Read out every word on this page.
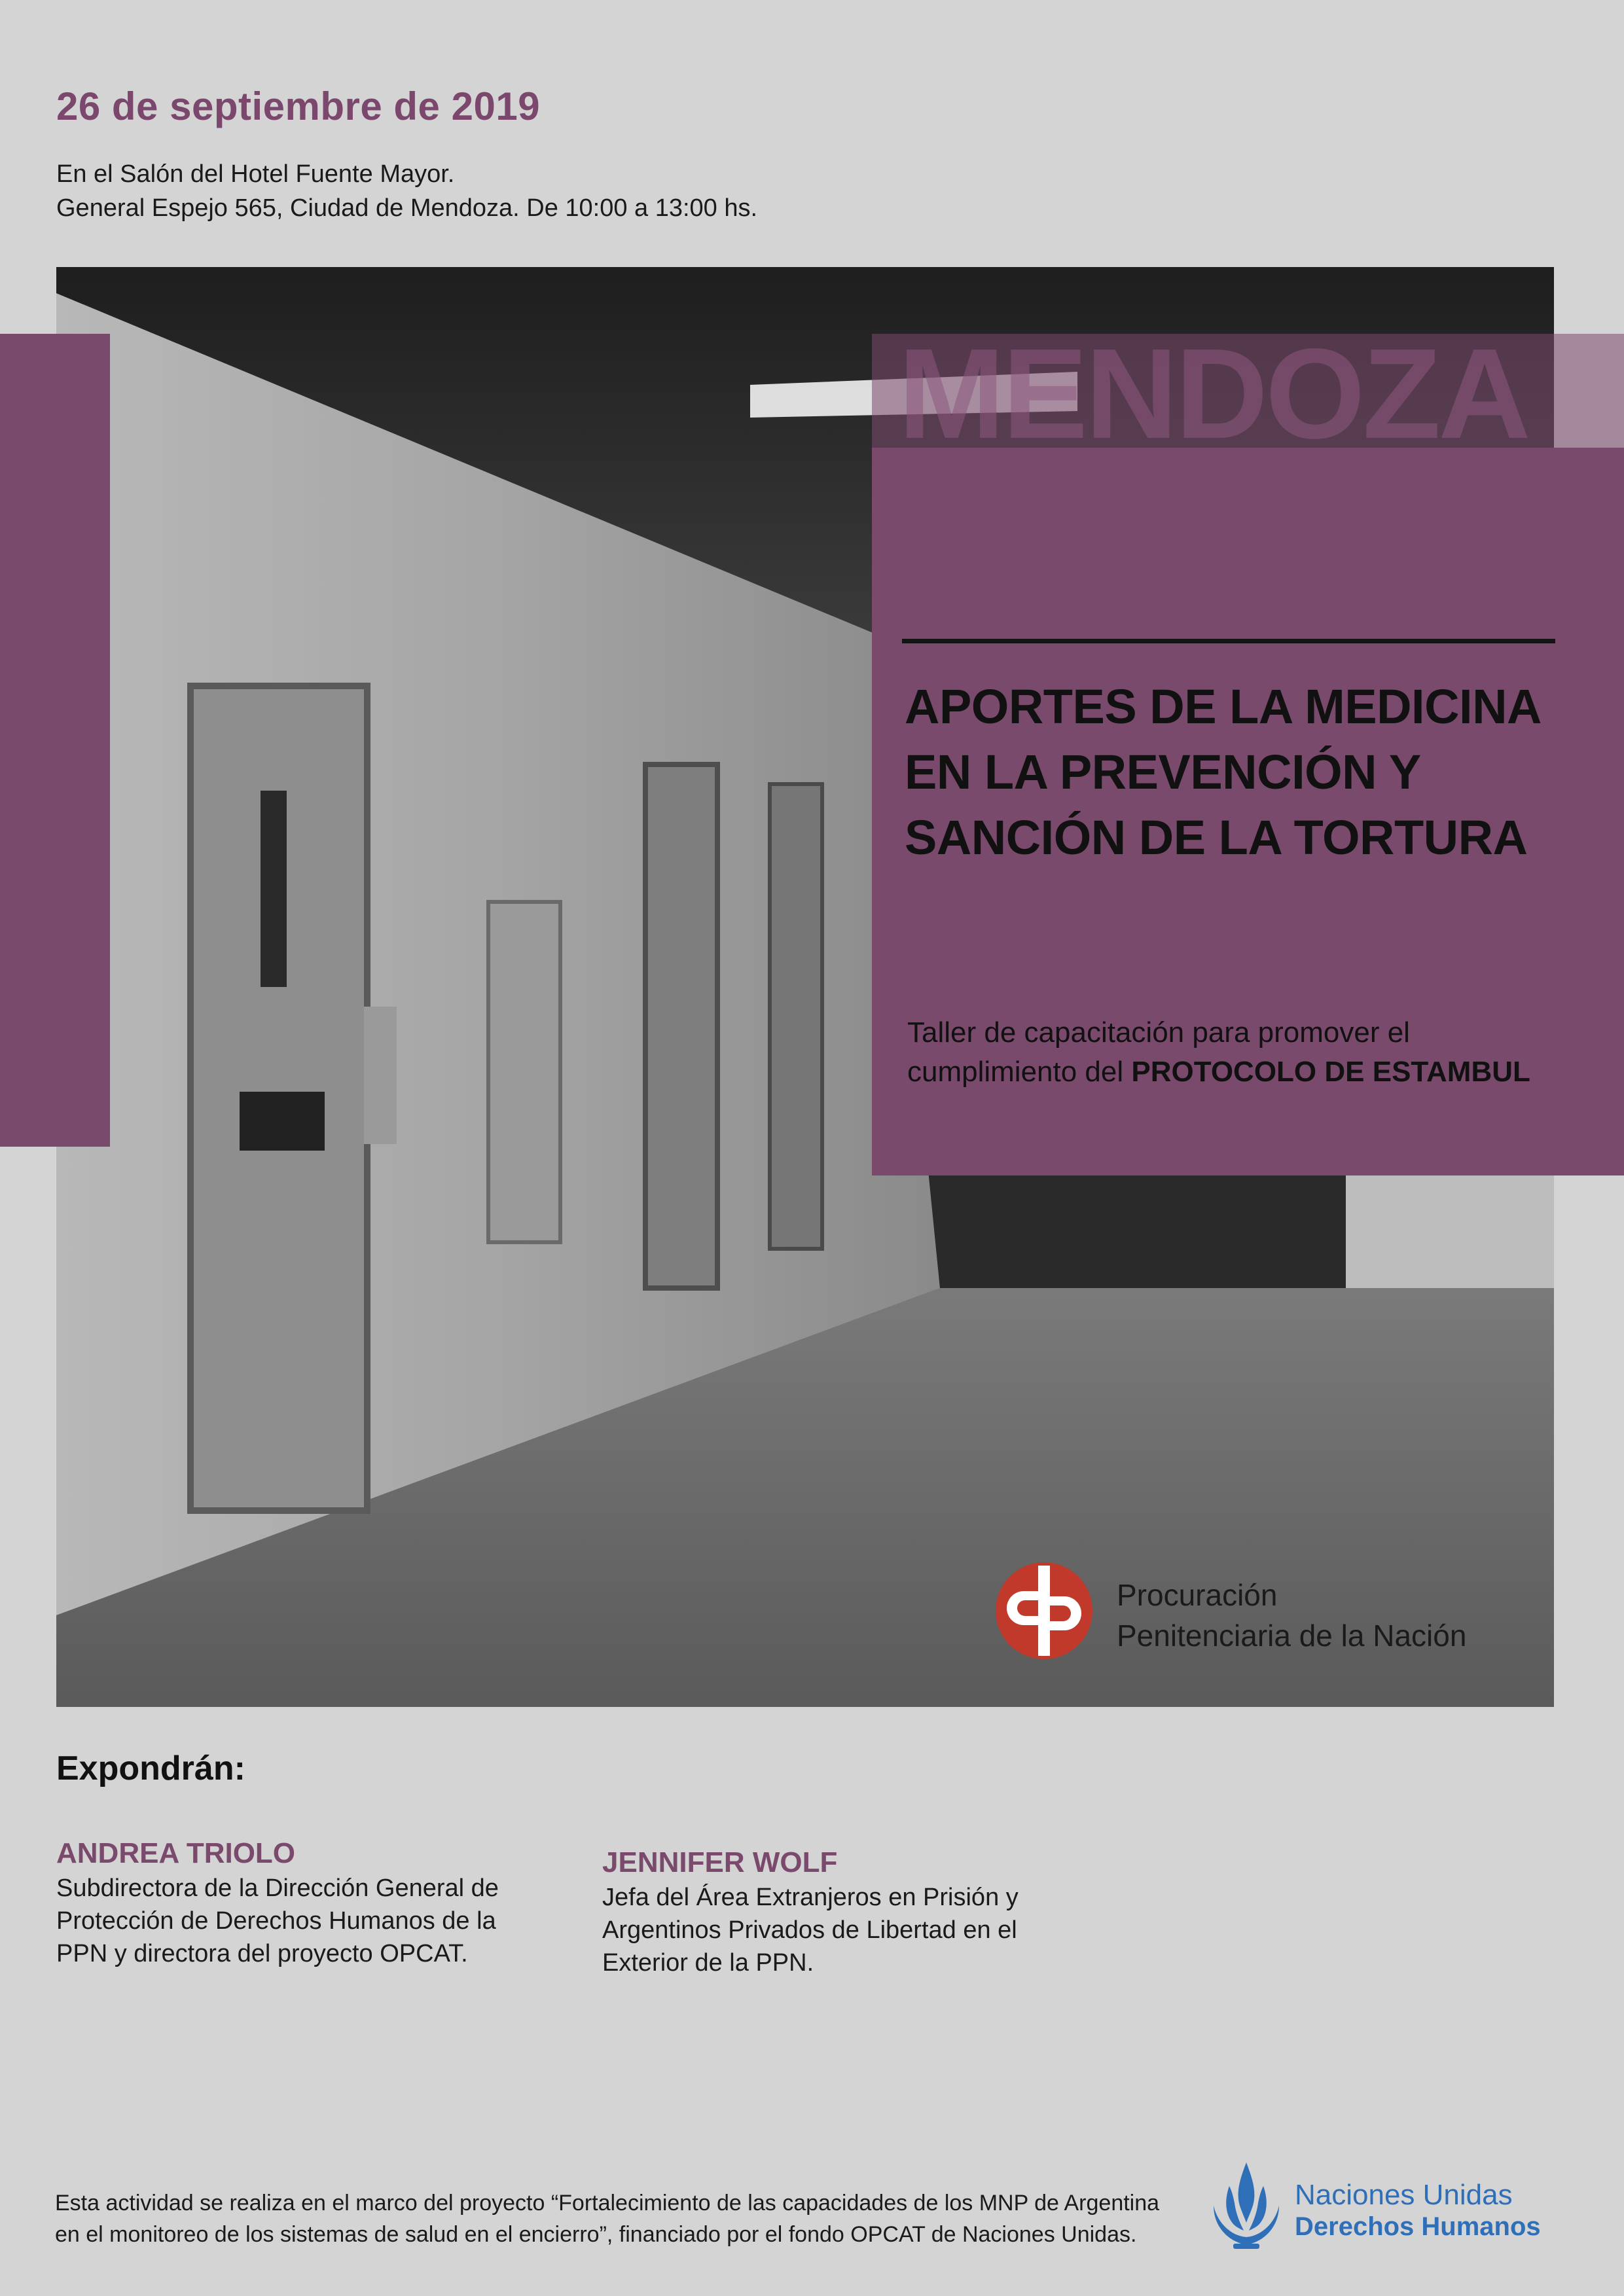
26 de septiembre de 2019
En el Salón del Hotel Fuente Mayor.
General Espejo 565, Ciudad de Mendoza. De 10:00 a 13:00 hs.
MENDOZA
APORTES DE LA MEDICINA
EN LA PREVENCIÓN Y
SANCIÓN DE LA TORTURA
Taller de capacitación para promover el
cumplimiento del PROTOCOLO DE ESTAMBUL
Procuración
Penitenciaria de la Nación
Expondrán:
ANDREA TRIOLO
Subdirectora de la Dirección General de
Protección de Derechos Humanos de la
PPN y directora del proyecto OPCAT.
JENNIFER WOLF
Jefa del Área Extranjeros en Prisión y
Argentinos Privados de Libertad en el
Exterior de la PPN.
Esta actividad se realiza en el marco del proyecto “Fortalecimiento de las capacidades de los MNP de Argentina
en el monitoreo de los sistemas de salud en el encierro”, financiado por el fondo OPCAT de Naciones Unidas.
Naciones Unidas
Derechos Humanos
